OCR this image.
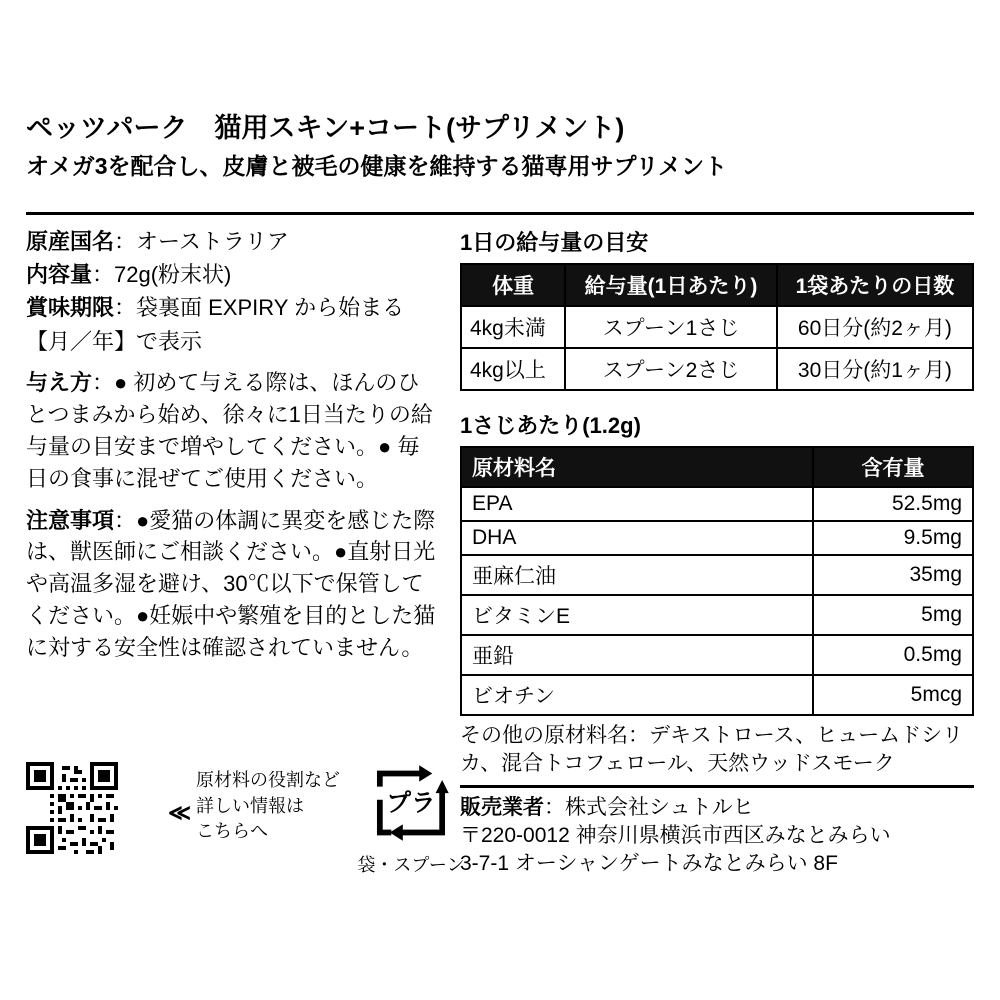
ペッツパーク　猫用スキン+コート(サプリメント)
オメガ3を配合し、皮膚と被毛の健康を維持する猫専用サプリメント
原産国名：オーストラリア
内容量：72g(粉末状)
賞味期限：袋裏面 EXPIRY から始まる
【月／年】で表示
与え方：● 初めて与える際は、ほんのひとつまみから始め、徐々に1日当たりの給与量の目安まで増やしてください。● 毎日の食事に混ぜてご使用ください。
注意事項：●愛猫の体調に異変を感じた際は、獣医師にご相談ください。●直射日光や高温多湿を避け、30℃以下で保管してください。●妊娠中や繁殖を目的とした猫に対する安全性は確認されていません。
1日の給与量の目安
体重	給与量(1日あたり)	1袋あたりの日数
4kg未満	スプーン1さじ	60日分(約2ヶ月)
4kg以上	スプーン2さじ	30日分(約1ヶ月)
1さじあたり(1.2g)
原材料名	含有量
EPA	52.5mg
DHA	9.5mg
亜麻仁油	35mg
ビタミンE	5mg
亜鉛	0.5mg
ビオチン	5mcg
その他の原材料名：デキストロース、ヒュームドシリカ、混合トコフェロール、天然ウッドスモーク
販売業者：株式会社シュトルヒ
〒220-0012 神奈川県横浜市西区みなとみらい
3-7-1 オーシャンゲートみなとみらい 8F
≪
原材料の役割など
詳しい情報は
こちらへ
プラ
袋・スプーン
